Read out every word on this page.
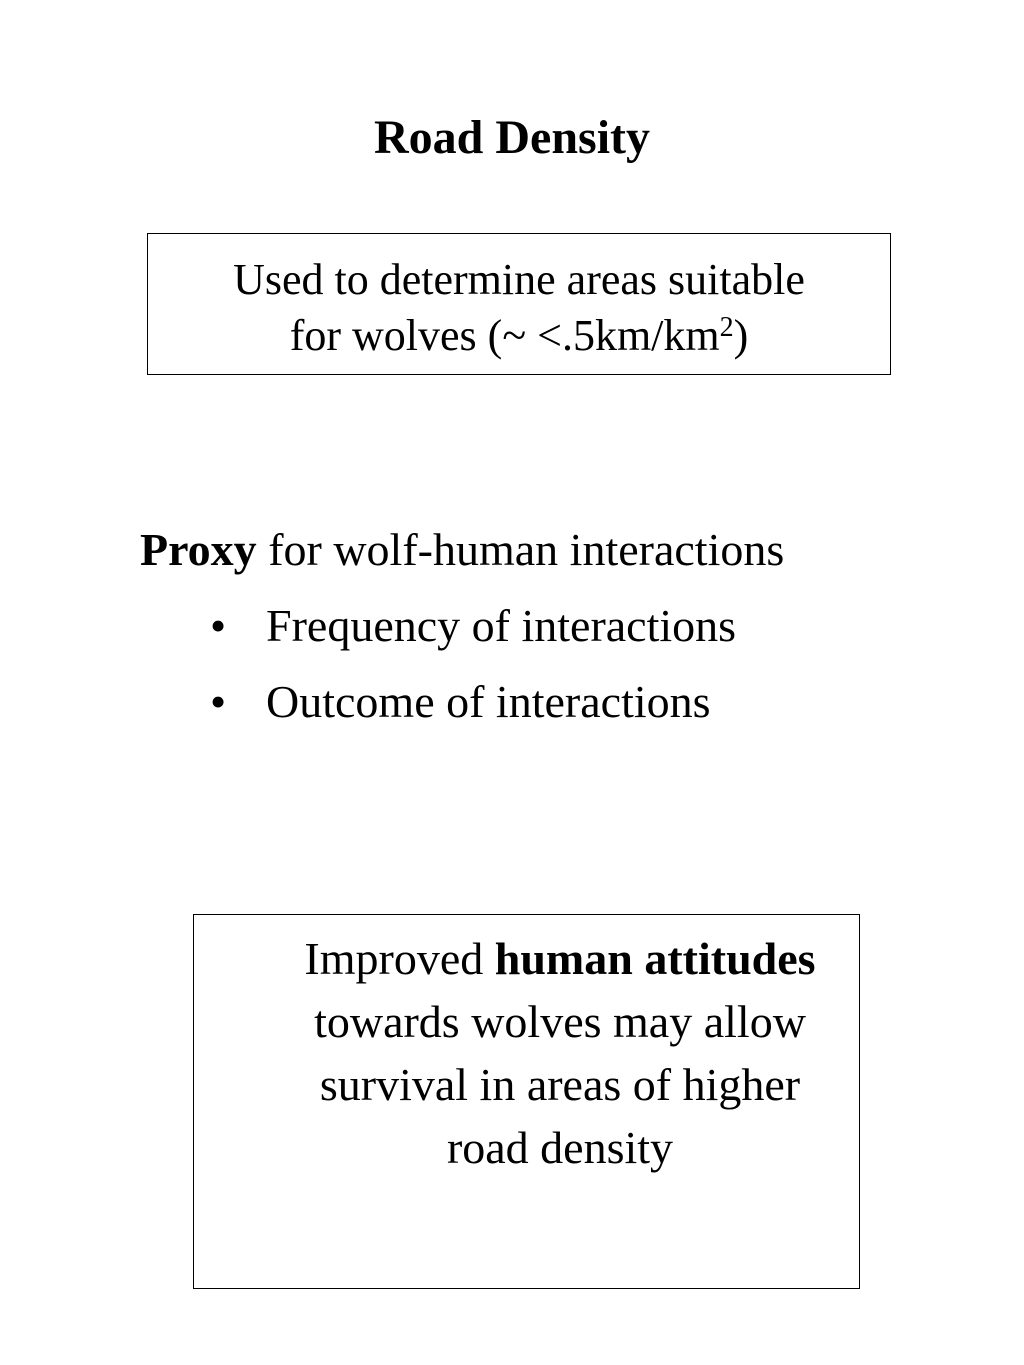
Road Density
Used to determine areas suitable
for wolves (~ $<.5km/km^2$)

Proxy for wolf-human interactions

• Frequency of interactions
• Outcome of interactions
Improved human attitudes towards wolves may allow survival in areas of higher road density
